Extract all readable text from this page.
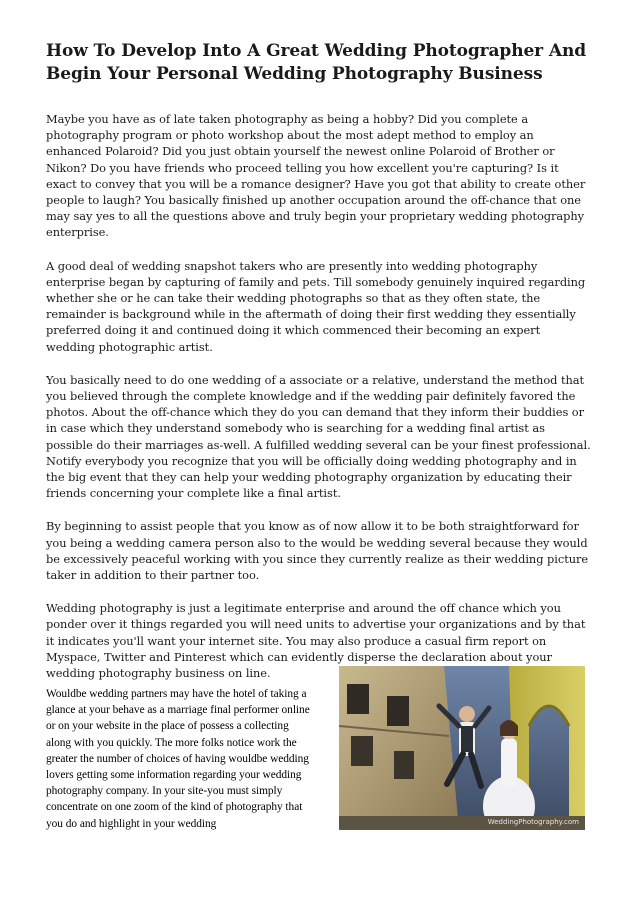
How To Develop Into A Great Wedding Photographer And Begin Your Personal Wedding Photography Business

Maybe you have as of late taken photography as being a hobby? Did you complete a photography program or photo workshop about the most adept method to employ an enhanced Polaroid? Did you just obtain yourself the newest online Polaroid of Brother or Nikon? Do you have friends who proceed telling you how excellent you're capturing? Is it exact to convey that you will be a romance designer? Have you got that ability to create other people to laugh? You basically finished up another occupation around the off-chance that one may say yes to all the questions above and truly begin your proprietary wedding photography enterprise.

A good deal of wedding snapshot takers who are presently into wedding photography enterprise began by capturing of family and pets. Till somebody genuinely inquired regarding whether she or he can take their wedding photographs so that as they often state, the remainder is background while in the aftermath of doing their first wedding they essentially preferred doing it and continued doing it which commenced their becoming an expert wedding photographic artist.

You basically need to do one wedding of a associate or a relative, understand the method that you believed through the complete knowledge and if the wedding pair definitely favored the photos. About the off-chance which they do you can demand that they inform their buddies or in case which they understand somebody who is searching for a wedding final artist as possible do their marriages as-well. A fulfilled wedding several can be your finest professional. Notify everybody you recognize that you will be officially doing wedding photography and in the big event that they can help your wedding photography organization by educating their friends concerning your complete like a final artist.

By beginning to assist people that you know as of now allow it to be both straightforward for you being a wedding camera person also to the would be wedding several because they would be excessively peaceful working with you since they currently realize as their wedding picture taker in addition to their partner too.

Wedding photography is just a legitimate enterprise and around the off chance which you ponder over it things regarded you will need units to advertise your organizations and by that it indicates you'll want your internet site. You may also produce a casual firm report on Myspace, Twitter and Pinterest which can evidently disperse the declaration about your wedding photography business on line.

Wouldbe wedding partners may have the hotel of taking a glance at your behave as a marriage final performer online or on your website in the place of possess a collecting along with you quickly. The more folks notice work the greater the number of choices of having wouldbe wedding lovers getting some information regarding your wedding photography company. In your site-you must simply concentrate on one zoom of the kind of photography that you do and highlight in your wedding	WeddingPhotography.com
